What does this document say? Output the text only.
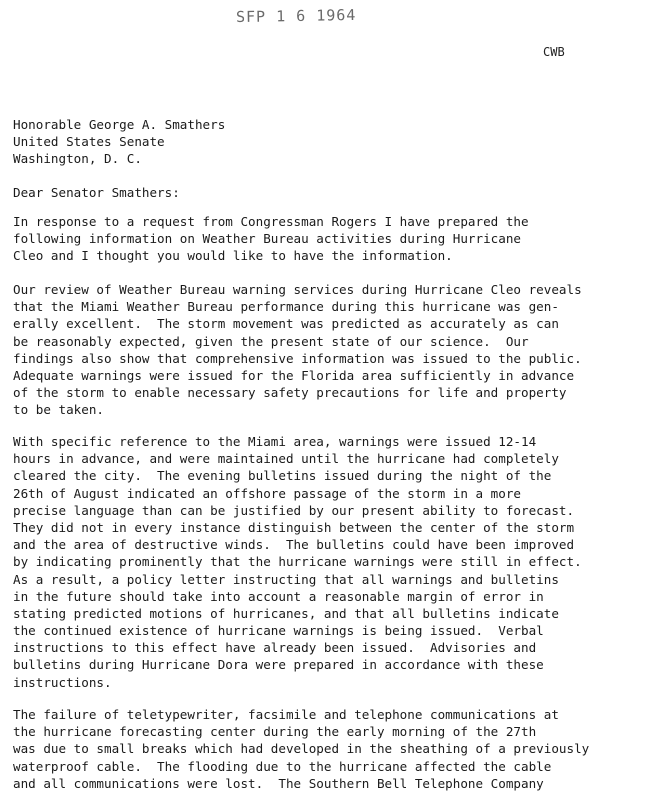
SFP 1 6 1964
CWB
Honorable George A. Smathers
United States Senate
Washington, D. C.
Dear Senator Smathers:
In response to a request from Congressman Rogers I have prepared the
following information on Weather Bureau activities during Hurricane
Cleo and I thought you would like to have the information.
Our review of Weather Bureau warning services during Hurricane Cleo reveals
that the Miami Weather Bureau performance during this hurricane was gen-
erally excellent.  The storm movement was predicted as accurately as can
be reasonably expected, given the present state of our science.  Our
findings also show that comprehensive information was issued to the public.
Adequate warnings were issued for the Florida area sufficiently in advance
of the storm to enable necessary safety precautions for life and property
to be taken.
With specific reference to the Miami area, warnings were issued 12-14
hours in advance, and were maintained until the hurricane had completely
cleared the city.  The evening bulletins issued during the night of the
26th of August indicated an offshore passage of the storm in a more
precise language than can be justified by our present ability to forecast.
They did not in every instance distinguish between the center of the storm
and the area of destructive winds.  The bulletins could have been improved
by indicating prominently that the hurricane warnings were still in effect.
As a result, a policy letter instructing that all warnings and bulletins
in the future should take into account a reasonable margin of error in
stating predicted motions of hurricanes, and that all bulletins indicate
the continued existence of hurricane warnings is being issued.  Verbal
instructions to this effect have already been issued.  Advisories and
bulletins during Hurricane Dora were prepared in accordance with these
instructions.
The failure of teletypewriter, facsimile and telephone communications at
the hurricane forecasting center during the early morning of the 27th
was due to small breaks which had developed in the sheathing of a previously
waterproof cable.  The flooding due to the hurricane affected the cable
and all communications were lost.  The Southern Bell Telephone Company
